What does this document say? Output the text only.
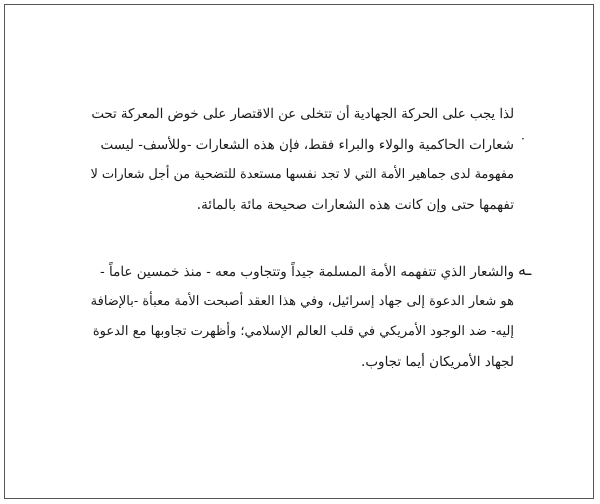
لذا يجب على الحركة الجهادية أن تتخلى عن الاقتصار على خوض المعركة تحت
شعارات الحاكمية والولاء والبراء فقط، فإن هذه الشعارات -وللأسف- ليست
مفهومة لدى جماهير الأمة التي لا تجد نفسها مستعدة للتضحية من أجل شعارات لا
تفهمها حتى وإن كانت هذه الشعارات صحيحة مائة بالمائة.
·
ـه
والشعار الذي تتفهمه الأمة المسلمة جيداً وتتجاوب معه - منذ خمسين عاماً -
هو شعار الدعوة إلى جهاد إسرائيل، وفي هذا العقد أصبحت الأمة معبأة -بالإضافة
إليه- ضد الوجود الأمريكي في قلب العالم الإسلامي؛ وأظهرت تجاوبها مع الدعوة
لجهاد الأمريكان أيما تجاوب.
